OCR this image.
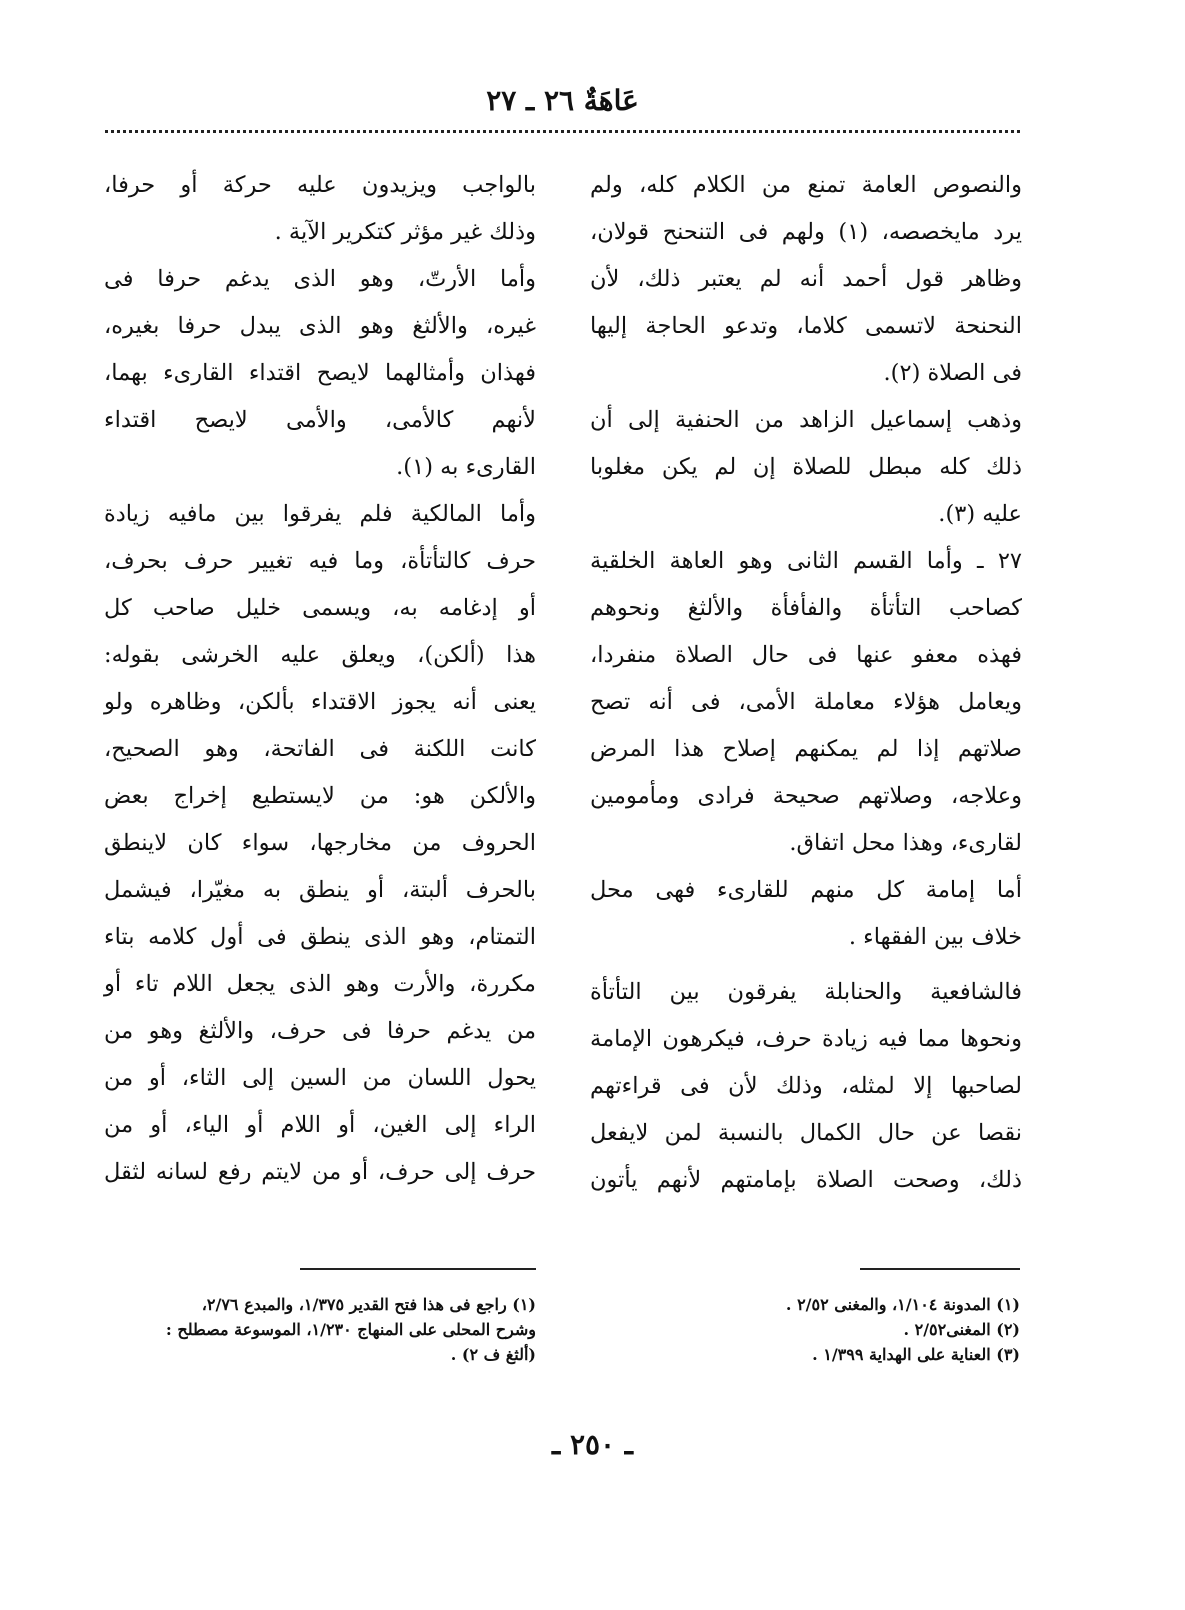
عَاهَةٌ ٢٦ ـ ٢٧
والنصوص العامة تمنع من الكلام كله، ولم
يرد مايخصصه، (١) ولهم فى التنحنح قولان،
وظاهر قول أحمد أنه لم يعتبر ذلك، لأن
النحنحة لاتسمى كلاما، وتدعو الحاجة إليها
فى الصلاة (٢).
وذهب إسماعيل الزاهد من الحنفية إلى أن
ذلك كله مبطل للصلاة إن لم يكن مغلوبا
عليه (٣).
٢٧ ـ وأما القسم الثانى وهو العاهة الخلقية
كصاحب التأتأة والفأفأة والألثغ ونحوهم
فهذه معفو عنها فى حال الصلاة منفردا،
ويعامل هؤلاء معاملة الأمى، فى أنه تصح
صلاتهم إذا لم يمكنهم إصلاح هذا المرض
وعلاجه، وصلاتهم صحيحة فرادى ومأمومين
لقارىء، وهذا محل اتفاق.
أما إمامة كل منهم للقارىء فهى محل
خلاف بين الفقهاء .
فالشافعية والحنابلة يفرقون بين التأتأة
ونحوها مما فيه زيادة حرف، فيكرهون الإمامة
لصاحبها إلا لمثله، وذلك لأن فى قراءتهم
نقصا عن حال الكمال بالنسبة لمن لايفعل
ذلك، وصحت الصلاة بإمامتهم لأنهم يأتون
بالواجب ويزيدون عليه حركة أو حرفا،
وذلك غير مؤثر كتكرير الآية .
وأما الأرتّ، وهو الذى يدغم حرفا فى
غيره، والألثغ وهو الذى يبدل حرفا بغيره،
فهذان وأمثالهما لايصح اقتداء القارىء بهما،
لأنهم كالأمى، والأمى لايصح اقتداء
القارىء به (١).
وأما المالكية فلم يفرقوا بين مافيه زيادة
حرف كالتأتأة، وما فيه تغيير حرف بحرف،
أو إدغامه به، ويسمى خليل صاحب كل
هذا (ألكن)، ويعلق عليه الخرشى بقوله:
يعنى أنه يجوز الاقتداء بألكن، وظاهره ولو
كانت اللكنة فى الفاتحة، وهو الصحيح،
والألكن هو: من لايستطيع إخراج بعض
الحروف من مخارجها، سواء كان لاينطق
بالحرف ألبتة، أو ينطق به مغيّرا، فيشمل
التمتام، وهو الذى ينطق فى أول كلامه بتاء
مكررة، والأرت وهو الذى يجعل اللام تاء أو
من يدغم حرفا فى حرف، والألثغ وهو من
يحول اللسان من السين إلى الثاء، أو من
الراء إلى الغين، أو اللام أو الياء، أو من
حرف إلى حرف، أو من لايتم رفع لسانه لثقل
(١) المدونة ١/١٠٤، والمغنى ٢/٥٢ .
(٢) المغنى٢/٥٢ .
(٣) العناية على الهداية ١/٣٩٩ .
(١) راجع فى هذا فتح القدير ١/٣٧٥، والمبدع ٢/٧٦،
وشرح المحلى على المنهاج ١/٢٣٠، الموسوعة مصطلح :
(ألثغ ف ٢) .
ـ ٢٥٠ ـ
